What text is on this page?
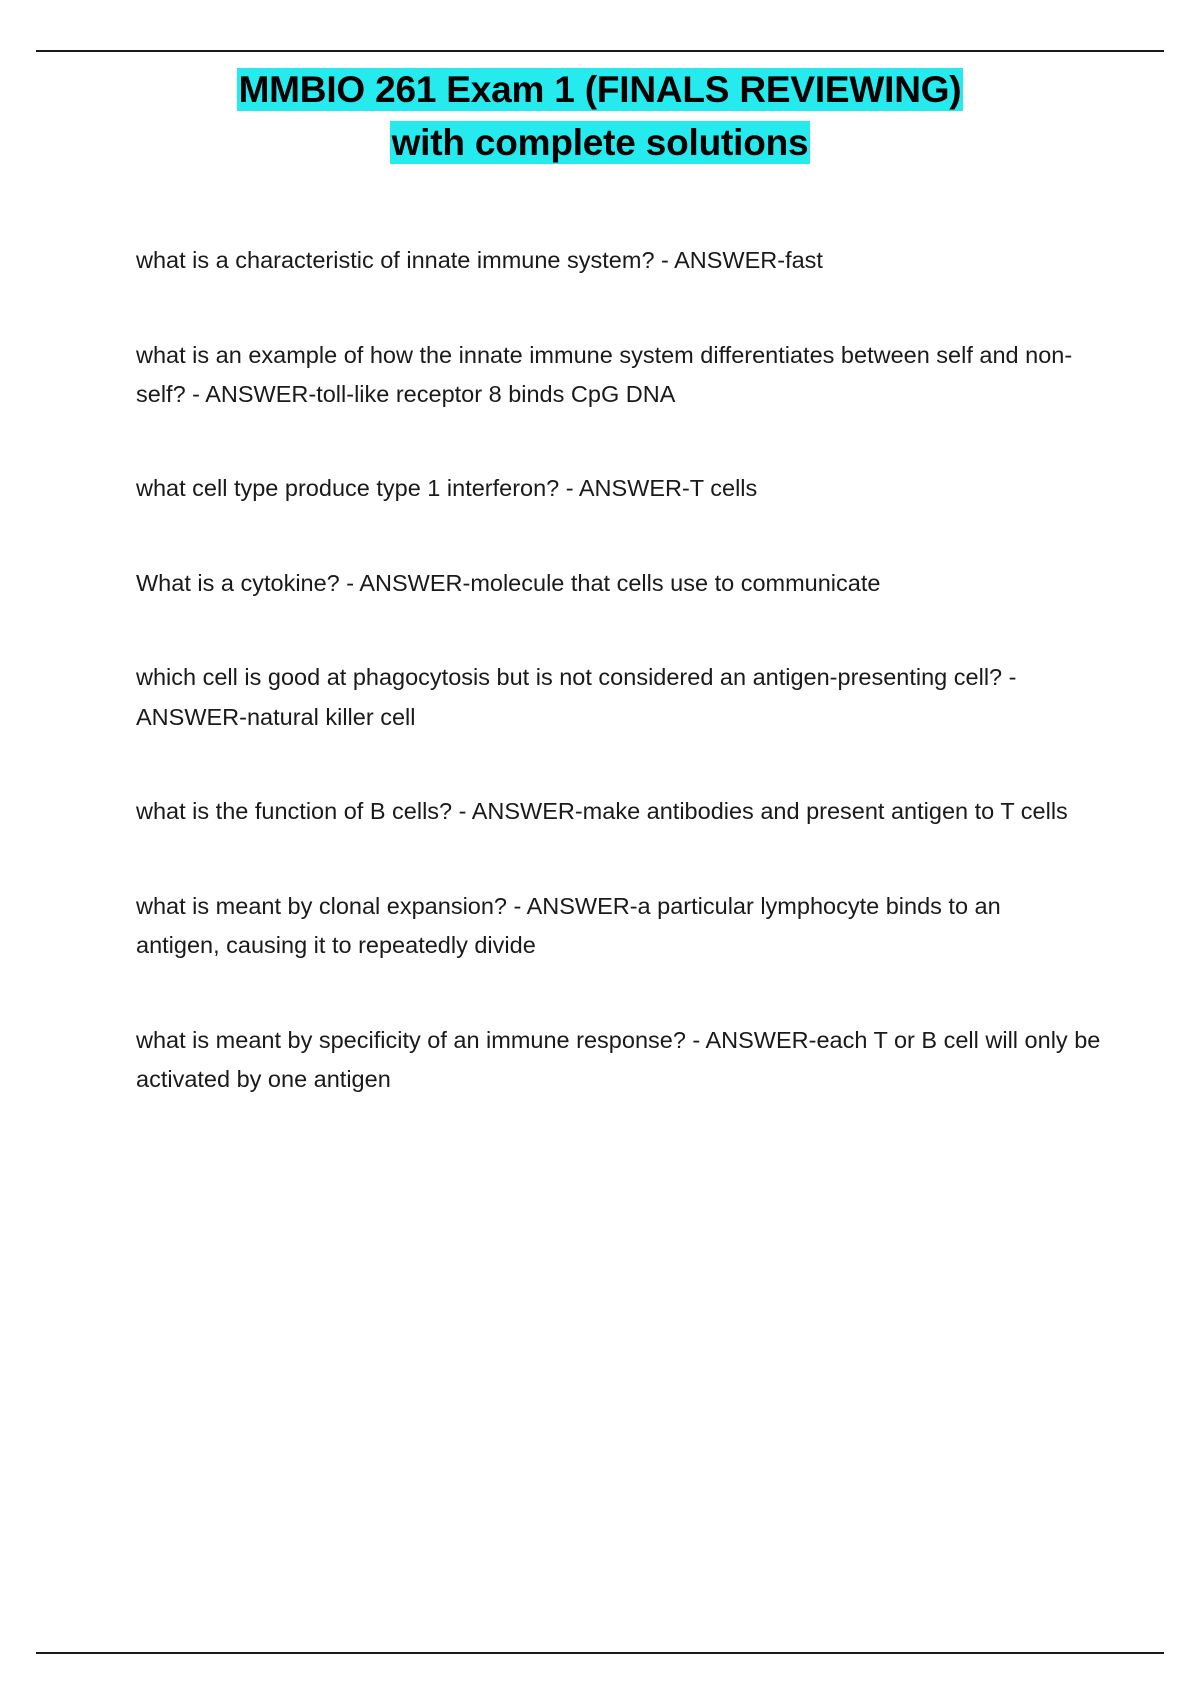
MMBIO 261 Exam 1 (FINALS REVIEWING)
with complete solutions
what is a characteristic of innate immune system? - ANSWER-fast
what is an example of how the innate immune system differentiates between self and non-self? - ANSWER-toll-like receptor 8 binds CpG DNA
what cell type produce type 1 interferon? - ANSWER-T cells
What is a cytokine? - ANSWER-molecule that cells use to communicate
which cell is good at phagocytosis but is not considered an antigen-presenting cell? - ANSWER-natural killer cell
what is the function of B cells? - ANSWER-make antibodies and present antigen to T cells
what is meant by clonal expansion? - ANSWER-a particular lymphocyte binds to an antigen, causing it to repeatedly divide
what is meant by specificity of an immune response? - ANSWER-each T or B cell will only be activated by one antigen
